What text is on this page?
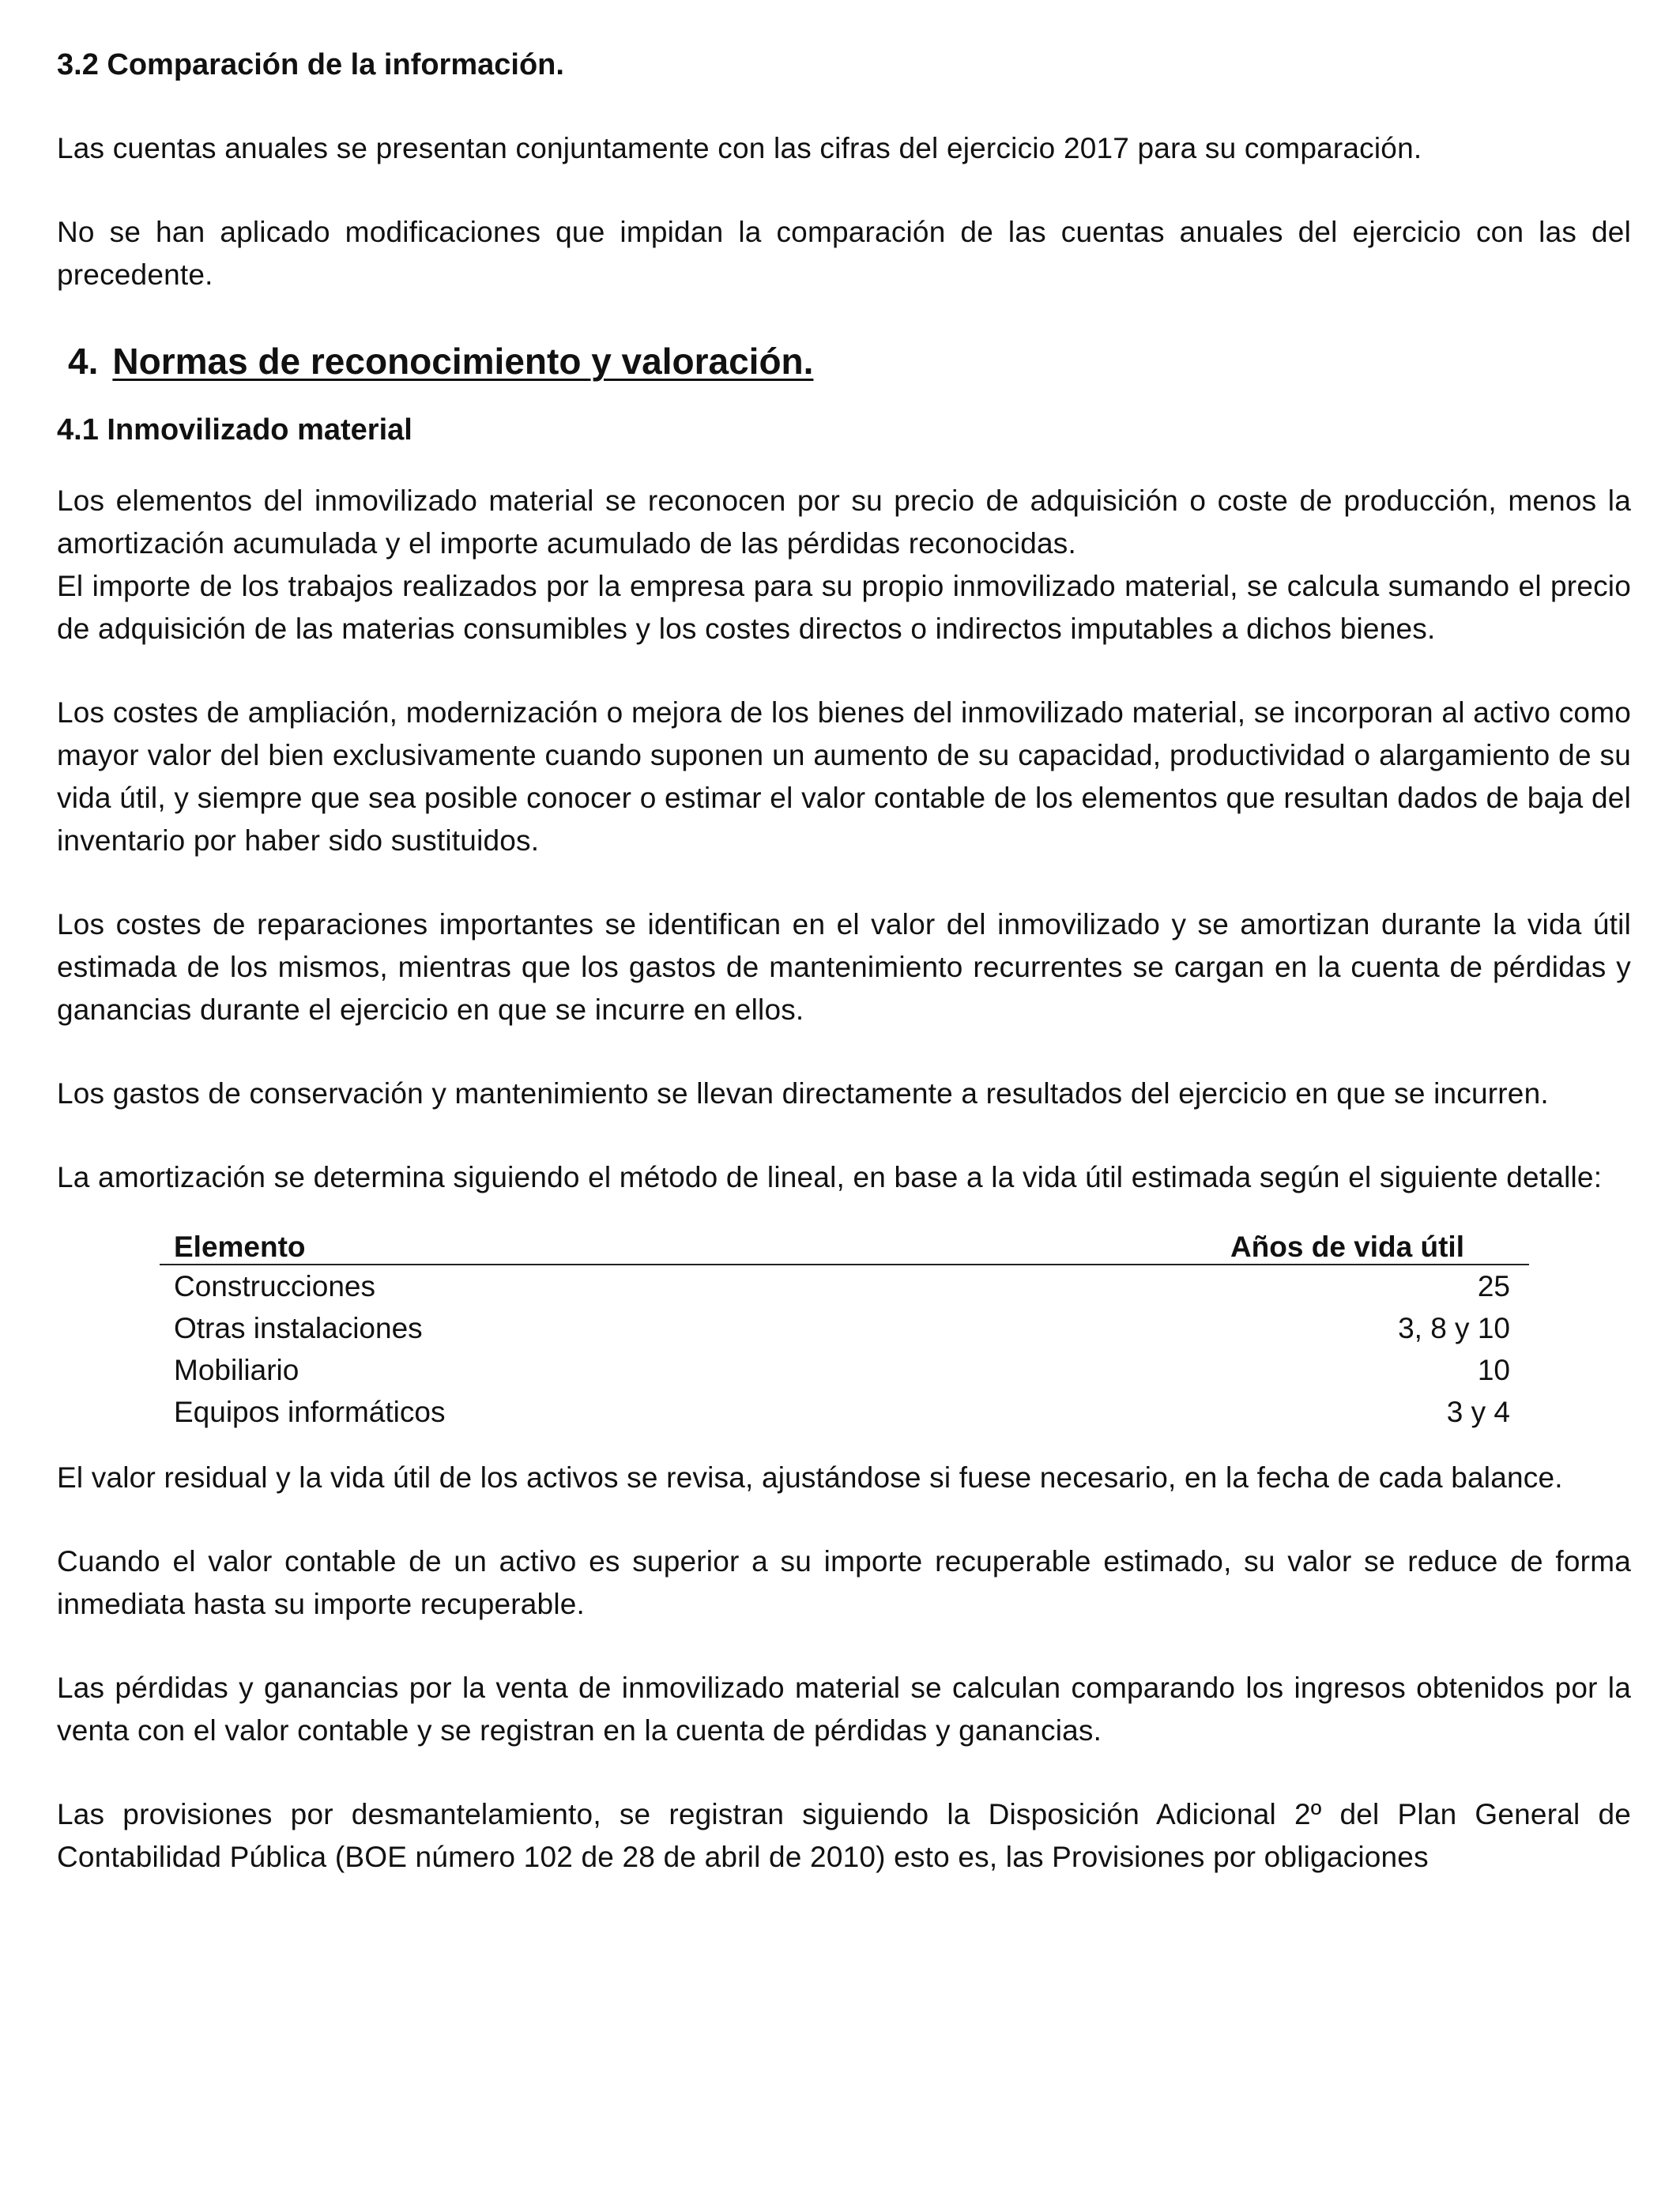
3.2 Comparación de la información.

Las cuentas anuales se presentan conjuntamente con las cifras del ejercicio 2017 para su comparación.

No se han aplicado modificaciones que impidan la comparación de las cuentas anuales del ejercicio con las del precedente.

4. Normas de reconocimiento y valoración.
4.1 Inmovilizado material

Los elementos del inmovilizado material se reconocen por su precio de adquisición o coste de producción, menos la amortización acumulada y el importe acumulado de las pérdidas reconocidas.

El importe de los trabajos realizados por la empresa para su propio inmovilizado material, se calcula sumando el precio de adquisición de las materias consumibles y los costes directos o indirectos imputables a dichos bienes.

Los costes de ampliación, modernización o mejora de los bienes del inmovilizado material, se incorporan al activo como mayor valor del bien exclusivamente cuando suponen un aumento de su capacidad, productividad o alargamiento de su vida útil, y siempre que sea posible conocer o estimar el valor contable de los elementos que resultan dados de baja del inventario por haber sido sustituidos.

Los costes de reparaciones importantes se identifican en el valor del inmovilizado y se amortizan durante la vida útil estimada de los mismos, mientras que los gastos de mantenimiento recurrentes se cargan en la cuenta de pérdidas y ganancias durante el ejercicio en que se incurre en ellos.

Los gastos de conservación y mantenimiento se llevan directamente a resultados del ejercicio en que se incurren.

La amortización se determina siguiendo el método de lineal, en base a la vida útil estimada según el siguiente detalle:

Elemento	Años de vida útil
Construcciones	25
Otras instalaciones	3, 8 y 10
Mobiliario	10
Equipos informáticos	3 y 4

El valor residual y la vida útil de los activos se revisa, ajustándose si fuese necesario, en la fecha de cada balance.

Cuando el valor contable de un activo es superior a su importe recuperable estimado, su valor se reduce de forma inmediata hasta su importe recuperable.

Las pérdidas y ganancias por la venta de inmovilizado material se calculan comparando los ingresos obtenidos por la venta con el valor contable y se registran en la cuenta de pérdidas y ganancias.

Las provisiones por desmantelamiento, se registran siguiendo la Disposición Adicional 2º del Plan General de Contabilidad Pública (BOE número 102 de 28 de abril de 2010) esto es, las Provisiones por obligaciones
